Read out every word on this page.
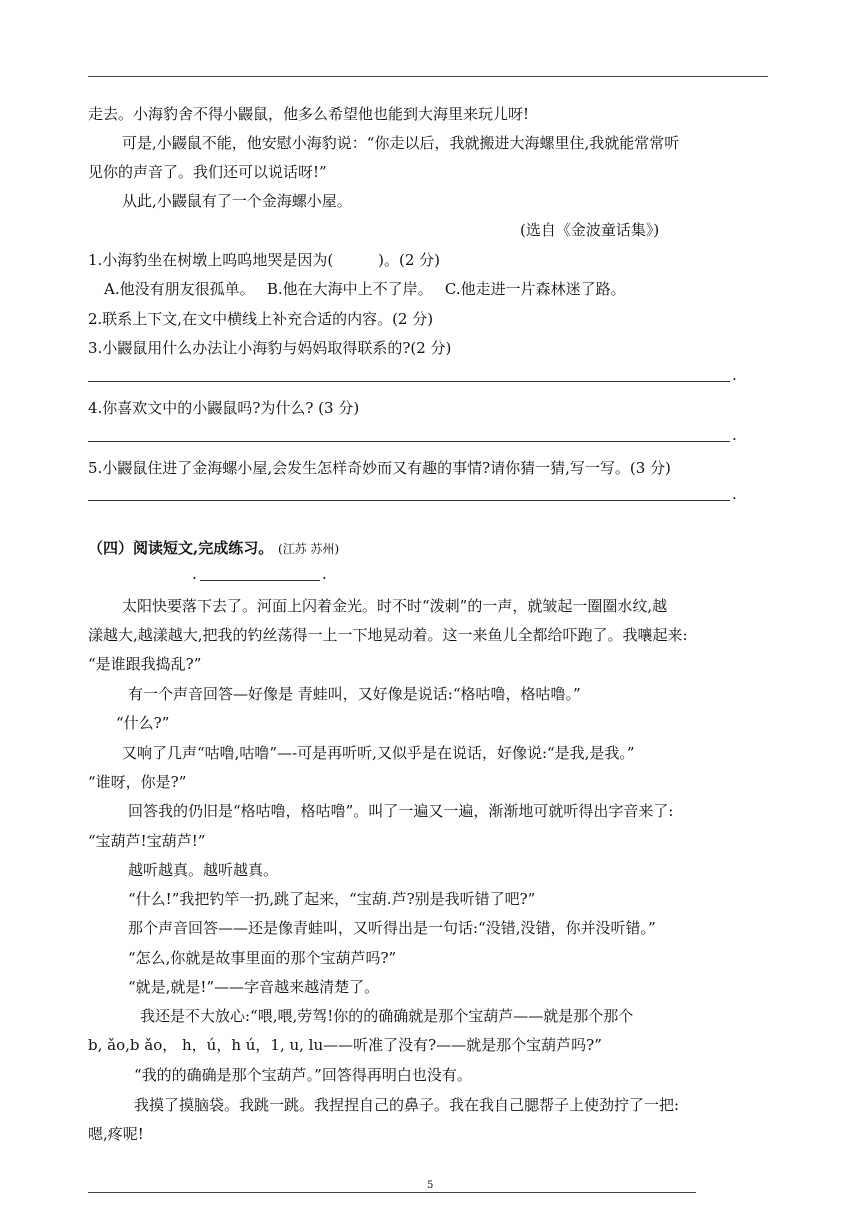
走去。小海豹舍不得小鼹鼠，他多么希望他也能到大海里来玩儿呀!
可是,小鼹鼠不能，他安慰小海豹说：“你走以后，我就搬进大海螺里住,我就能常常听
见你的声音了。我们还可以说话呀!”
从此,小鼹鼠有了一个金海螺小屋。
(选自《金波童话集》)
1.小海豹坐在树墩上呜呜地哭是因为(　　　)。(2 分)
A.他没有朋友很孤单。　 B.他在大海中上不了岸。　 C.他走进一片森林迷了路。
2.联系上下文,在文中横线上补充合适的内容。(2 分)
3.小鼹鼠用什么办法让小海豹与妈妈取得联系的?(2 分)
.
4.你喜欢文中的小鼹鼠吗?为什么? (3 分)
.
5.小鼹鼠住进了金海螺小屋,会发生怎样奇妙而又有趣的事情?请你猜一猜,写一写。(3 分)
.
（四）阅读短文,完成练习。 (江苏 苏州)
.	.
太阳快要落下去了。河面上闪着金光。时不时“泼刺”的一声，就皱起一圈圈水纹,越
漾越大,越漾越大,把我的钓丝荡得一上一下地晃动着。这一来鱼儿全都给吓跑了。我嚷起来:
“是谁跟我捣乱?”
有一个声音回答—好像是 青蛙叫，又好像是说话:“格咕噜，格咕噜。”
“什么?”
又响了几声“咕噜,咕噜”—-可是再听听,又似乎是在说话，好像说:“是我,是我。”
“谁呀，你是?”
回答我的仍旧是“格咕噜，格咕噜”。叫了一遍又一遍，渐渐地可就听得出字音来了:
“宝葫芦!宝葫芦!”
越听越真。越听越真。
“什么!”我把钓竿一扔,跳了起来，“宝葫.芦?别是我听错了吧?”
那个声音回答——还是像青蛙叫，又听得出是一句话:“没错,没错，你并没听错。”
“怎么,你就是故事里面的那个宝葫芦吗?”
“就是,就是!”——字音越来越清楚了。
我还是不大放心:“喂,喂,劳驾!你的的确确就是那个宝葫芦——就是那个那个
b, ǎo,b ǎo， h，ú，h ú，1, u, lu——听准了没有?——就是那个宝葫芦吗?”
“我的的确确是那个宝葫芦。”回答得再明白也没有。
我摸了摸脑袋。我跳一跳。我捏捏自己的鼻子。我在我自己腮帮子上使劲拧了一把:
嗯,疼呢!
5
